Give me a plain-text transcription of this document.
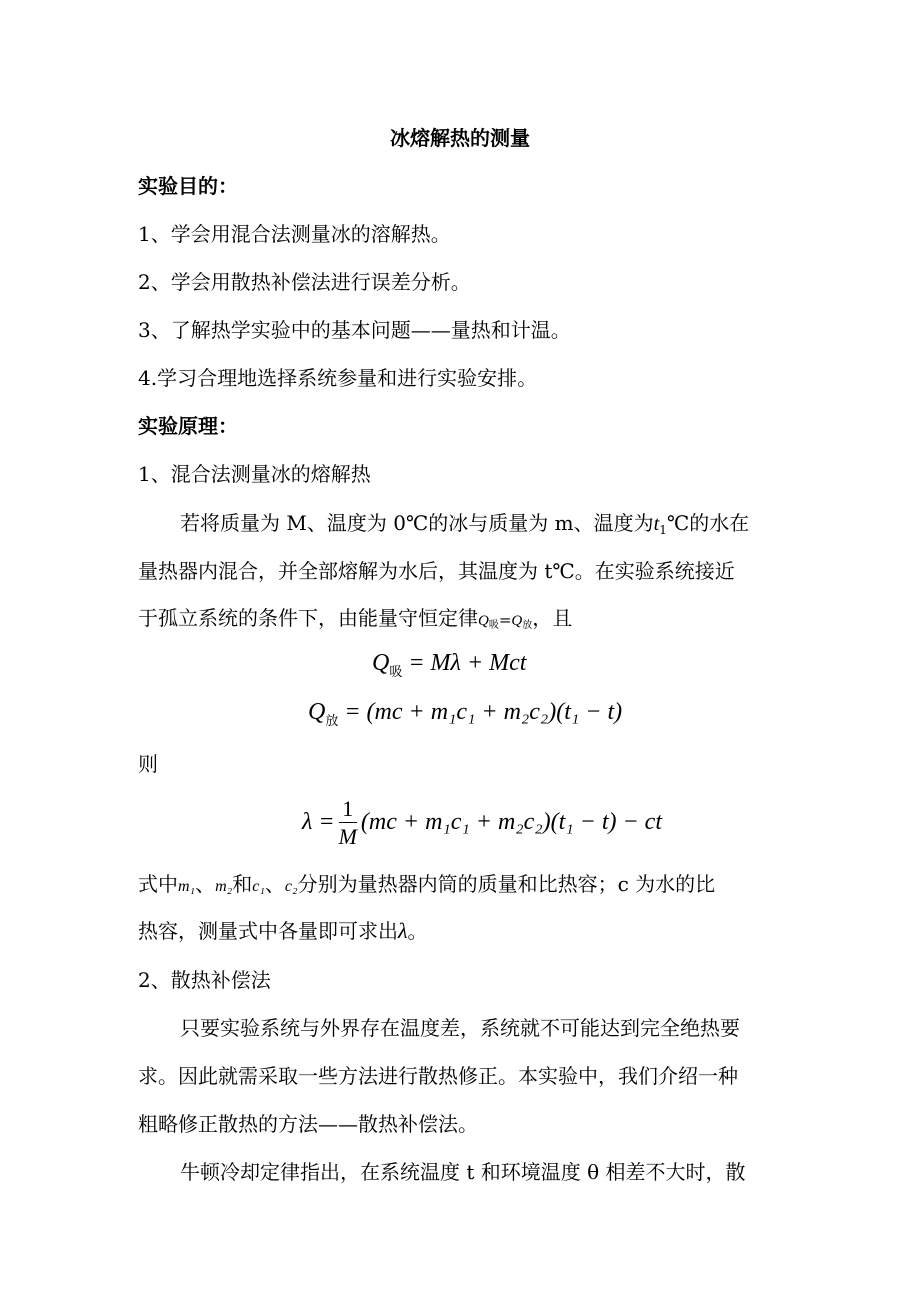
冰熔解热的测量
实验目的：
1、学会用混合法测量冰的溶解热。
2、学会用散热补偿法进行误差分析。
3、了解热学实验中的基本问题——量热和计温。
4.学习合理地选择系统参量和进行实验安排。
实验原理：
1、混合法测量冰的熔解热
若将质量为 M、温度为 0℃的冰与质量为 m、温度为$t_1℃$的水在
量热器内混合，并全部熔解为水后，其温度为 t℃。在实验系统接近
于孤立系统的条件下，由能量守恒定律Q吸=Q放，且
$Q_吸 = M\lambda$ + Mct
$Q_放 = (mc + m_1c_1 + m_2c_2)(t_1 - t)$
则
$\lambda = \frac{1}{M} (mc + m_1c_1 + m_2c_2)(t_1 - t)$ − ct
式中m₁、m₂和c₁、c₂分别为量热器内筒的质量和比热容；c 为水的比
热容，测量式中各量即可求出λ。
2、散热补偿法
只要实验系统与外界存在温度差，系统就不可能达到完全绝热要
求。因此就需采取一些方法进行散热修正。本实验中，我们介绍一种
粗略修正散热的方法——散热补偿法。
牛顿冷却定律指出，在系统温度 t 和环境温度 θ 相差不大时，散
